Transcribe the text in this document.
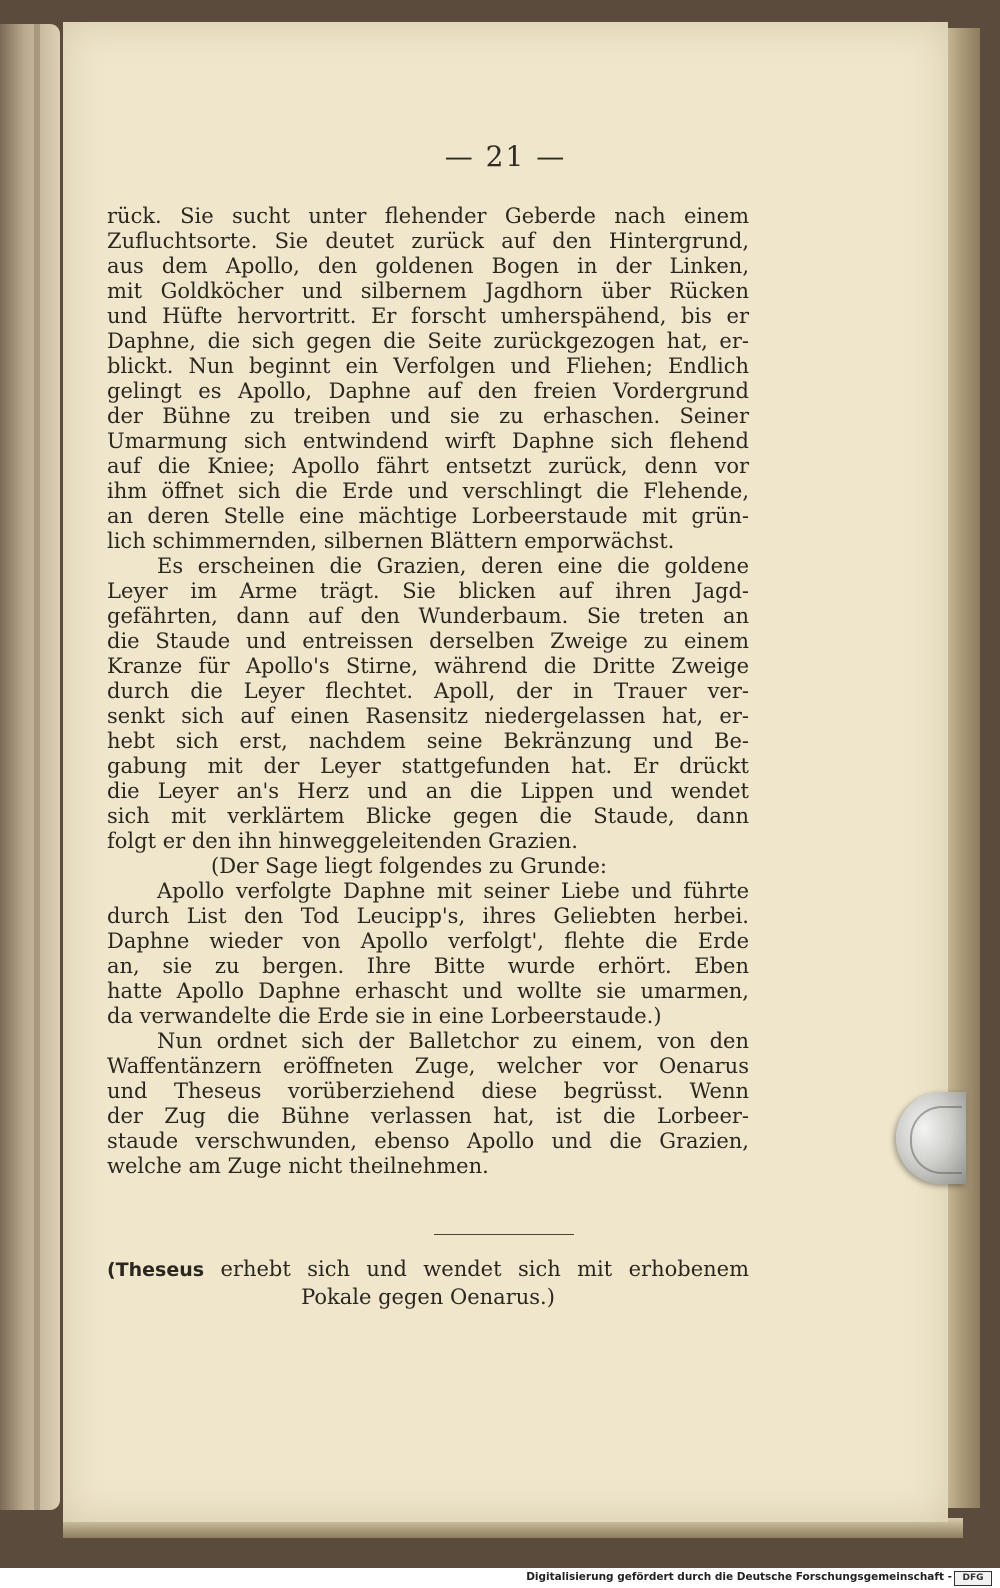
— 21 —
rück. Sie sucht unter flehender Geberde nach einem
Zufluchtsorte. Sie deutet zurück auf den Hintergrund,
aus dem Apollo, den goldenen Bogen in der Linken,
mit Goldköcher und silbernem Jagdhorn über Rücken
und Hüfte hervortritt. Er forscht umherspähend, bis er
Daphne, die sich gegen die Seite zurückgezogen hat, er-
blickt. Nun beginnt ein Verfolgen und Fliehen; Endlich
gelingt es Apollo, Daphne auf den freien Vordergrund
der Bühne zu treiben und sie zu erhaschen. Seiner
Umarmung sich entwindend wirft Daphne sich flehend
auf die Kniee; Apollo fährt entsetzt zurück, denn vor
ihm öffnet sich die Erde und verschlingt die Flehende,
an deren Stelle eine mächtige Lorbeerstaude mit grün-
lich schimmernden, silbernen Blättern emporwächst.
Es erscheinen die Grazien, deren eine die goldene
Leyer im Arme trägt. Sie blicken auf ihren Jagd-
gefährten, dann auf den Wunderbaum. Sie treten an
die Staude und entreissen derselben Zweige zu einem
Kranze für Apollo's Stirne, während die Dritte Zweige
durch die Leyer flechtet. Apoll, der in Trauer ver-
senkt sich auf einen Rasensitz niedergelassen hat, er-
hebt sich erst, nachdem seine Bekränzung und Be-
gabung mit der Leyer stattgefunden hat. Er drückt
die Leyer an's Herz und an die Lippen und wendet
sich mit verklärtem Blicke gegen die Staude, dann
folgt er den ihn hinweggeleitenden Grazien.
(Der Sage liegt folgendes zu Grunde:
Apollo verfolgte Daphne mit seiner Liebe und führte
durch List den Tod Leucipp's, ihres Geliebten herbei.
Daphne wieder von Apollo verfolgt', flehte die Erde
an, sie zu bergen. Ihre Bitte wurde erhört. Eben
hatte Apollo Daphne erhascht und wollte sie umarmen,
da verwandelte die Erde sie in eine Lorbeerstaude.)
Nun ordnet sich der Balletchor zu einem, von den
Waffentänzern eröffneten Zuge, welcher vor Oenarus
und Theseus vorüberziehend diese begrüsst. Wenn
der Zug die Bühne verlassen hat, ist die Lorbeer-
staude verschwunden, ebenso Apollo und die Grazien,
welche am Zuge nicht theilnehmen.
(Theseus erhebt sich und wendet sich mit erhobenem
Pokale gegen Oenarus.)
Digitalisierung gefördert durch die Deutsche Forschungsgemeinschaft -	DFG
